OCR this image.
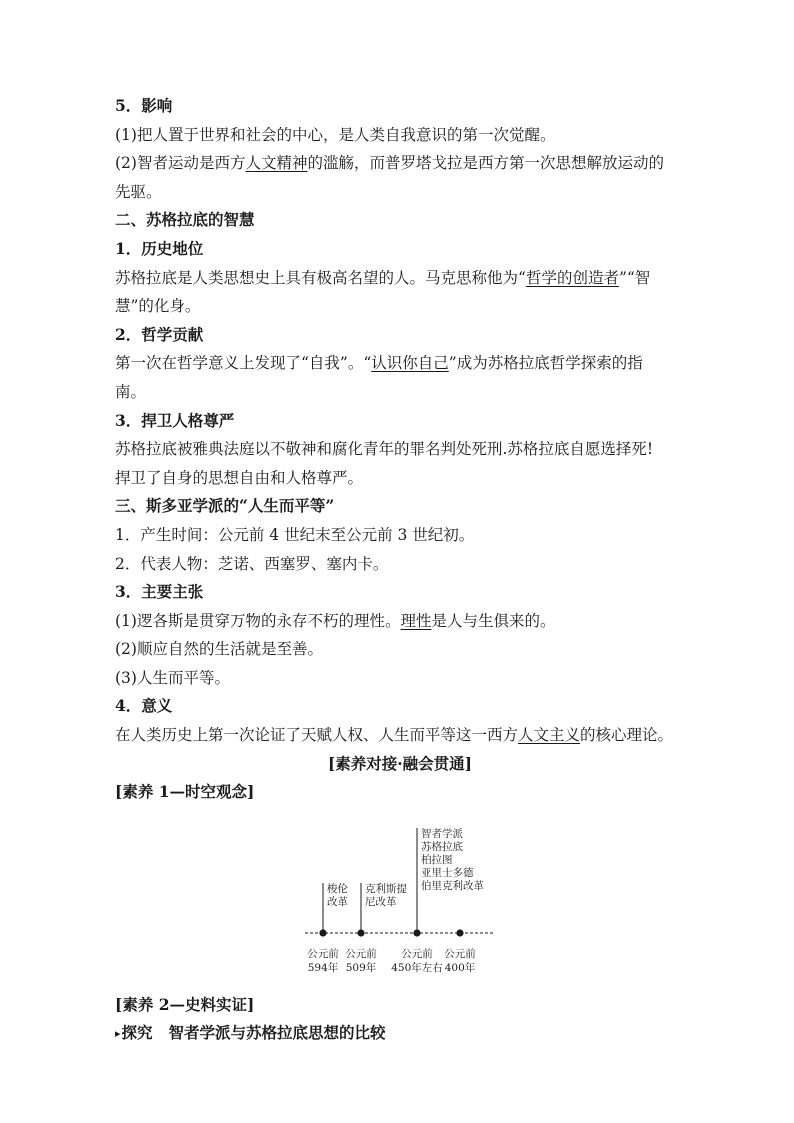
5．影响
(1)把人置于世界和社会的中心，是人类自我意识的第一次觉醒。
(2)智者运动是西方人文精神的滥觞，而普罗塔戈拉是西方第一次思想解放运动的
先驱。
二、苏格拉底的智慧
1．历史地位
苏格拉底是人类思想史上具有极高名望的人。马克思称他为“哲学的创造者”“智
慧”的化身。
2．哲学贡献
第一次在哲学意义上发现了“自我”。“认识你自己”成为苏格拉底哲学探索的指
南。
3．捍卫人格尊严
苏格拉底被雅典法庭以不敬神和腐化青年的罪名判处死刑.苏格拉底自愿选择死!
捍卫了自身的思想自由和人格尊严。
三、斯多亚学派的“人生而平等”
1．产生时间：公元前 4 世纪末至公元前 3 世纪初。
2．代表人物：芝诺、西塞罗、塞内卡。
3．主要主张
(1)逻各斯是贯穿万物的永存不朽的理性。理性是人与生俱来的。
(2)顺应自然的生活就是至善。
(3)人生而平等。
4．意义
在人类历史上第一次论证了天赋人权、人生而平等这一西方人文主义的核心理论。
[素养对接·融会贯通]
[素养 1—时空观念]
梭伦
改革
公元前
594年
克利斯提
尼改革
公元前
509年
智者学派
苏格拉底
柏拉图
亚里士多德
伯里克利改革
公元前
450年左右
公元前
400年
[素养 2—史料实证]
▸探究 智者学派与苏格拉底思想的比较
